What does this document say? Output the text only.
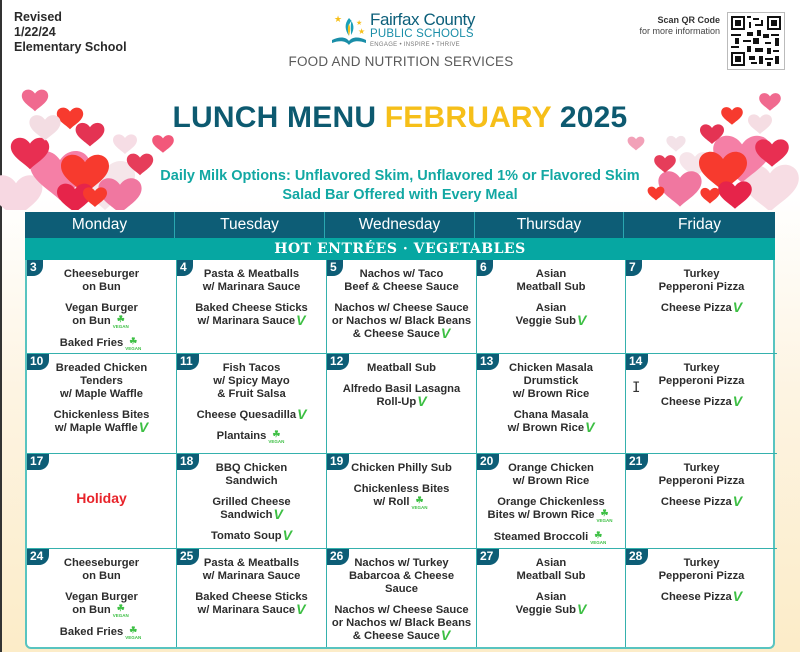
Revised
1/22/24
Elementary School
★ ★
★
Fairfax County
PUBLIC SCHOOLS
ENGAGE • INSPIRE • THRIVE
FOOD AND NUTRITION SERVICES
Scan QR Code
for more information
LUNCH MENU FEBRUARY 2025
Daily Milk Options: Unflavored Skim, Unflavored 1% or Flavored Skim
Salad Bar Offered with Every Meal
Monday	Tuesday	Wednesday	Thursday	Friday
HOT ENTRÉES · VEGETABLES
3	Cheeseburger
on Bun
Vegan Burger
on Bun ☘
VEGAN
Baked Fries ☘
VEGAN
4	Pasta & Meatballs
w/ Marinara Sauce
Baked Cheese Sticks
w/ Marinara SauceV
5	Nachos w/ Taco
Beef & Cheese Sauce
Nachos w/ Cheese Sauce
or Nachos w/ Black Beans
& Cheese SauceV
6	Asian
Meatball Sub
Asian
Veggie SubV
7	Turkey
Pepperoni Pizza
Cheese PizzaV
10	Breaded Chicken
Tenders
w/ Maple Waffle
Chickenless Bites
w/ Maple WaffleV
11	Fish Tacos
w/ Spicy Mayo
& Fruit Salsa
Cheese QuesadillaV
Plantains ☘
VEGAN
12	Meatball Sub
Alfredo Basil Lasagna
Roll-UpV
13	Chicken Masala
Drumstick
w/ Brown Rice
Chana Masala
w/ Brown RiceV
14	Turkey
Pepperoni Pizza
Cheese PizzaV
I
17
Holiday
18	BBQ Chicken
Sandwich
Grilled Cheese
SandwichV
Tomato SoupV
19 Chicken Philly Sub
Chickenless Bites
w/ Roll ☘
VEGAN
20	Orange Chicken
w/ Brown Rice
Orange Chickenless
Bites w/ Brown Rice ☘
VEGAN
Steamed Broccoli ☘
VEGAN
21	Turkey
Pepperoni Pizza
Cheese PizzaV
24	Cheeseburger
on Bun
Vegan Burger
on Bun ☘
VEGAN
Baked Fries ☘
VEGAN
25 Pasta & Meatballs
w/ Marinara Sauce
Baked Cheese Sticks
w/ Marinara SauceV
26 Nachos w/ Turkey
Babarcoa & Cheese Sauce
Nachos w/ Cheese Sauce
or Nachos w/ Black Beans
& Cheese SauceV
27	Asian
Meatball Sub
Asian
Veggie SubV
28	Turkey
Pepperoni Pizza
Cheese PizzaV
